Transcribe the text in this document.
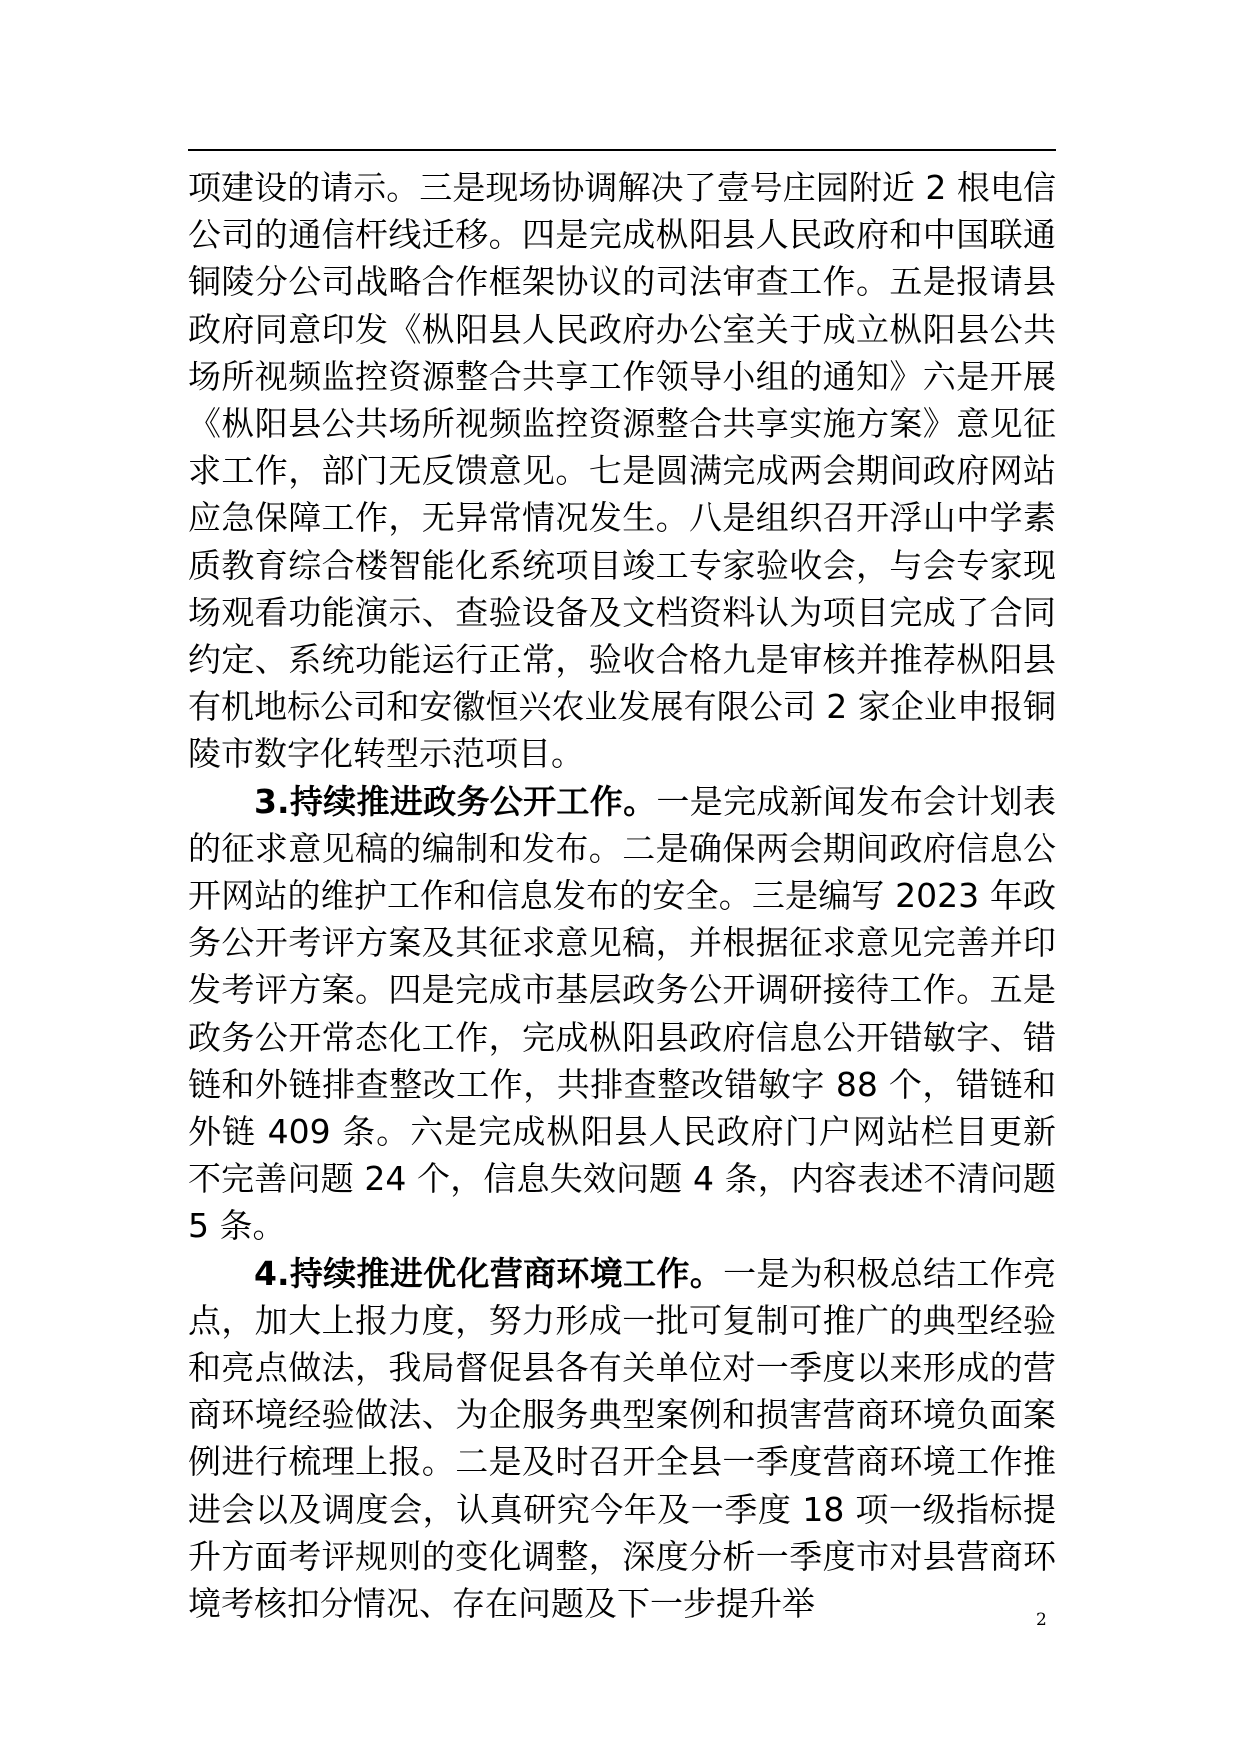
项建设的请示。三是现场协调解决了壹号庄园附近 2 根电信公司的通信杆线迁移。四是完成枞阳县人民政府和中国联通铜陵分公司战略合作框架协议的司法审查工作。五是报请县政府同意印发《枞阳县人民政府办公室关于成立枞阳县公共场所视频监控资源整合共享工作领导小组的通知》六是开展《枞阳县公共场所视频监控资源整合共享实施方案》意见征求工作，部门无反馈意见。七是圆满完成两会期间政府网站应急保障工作，无异常情况发生。八是组织召开浮山中学素质教育综合楼智能化系统项目竣工专家验收会，与会专家现场观看功能演示、查验设备及文档资料认为项目完成了合同约定、系统功能运行正常，验收合格九是审核并推荐枞阳县有机地标公司和安徽恒兴农业发展有限公司 2 家企业申报铜陵市数字化转型示范项目。

3.持续推进政务公开工作。一是完成新闻发布会计划表的征求意见稿的编制和发布。二是确保两会期间政府信息公开网站的维护工作和信息发布的安全。三是编写 2023 年政务公开考评方案及其征求意见稿，并根据征求意见完善并印发考评方案。四是完成市基层政务公开调研接待工作。五是政务公开常态化工作，完成枞阳县政府信息公开错敏字、错链和外链排查整改工作，共排查整改错敏字 88 个，错链和外链 409 条。六是完成枞阳县人民政府门户网站栏目更新不完善问题 24 个，信息失效问题 4 条，内容表述不清问题 5 条。

4.持续推进优化营商环境工作。一是为积极总结工作亮点，加大上报力度，努力形成一批可复制可推广的典型经验和亮点做法，我局督促县各有关单位对一季度以来形成的营商环境经验做法、为企服务典型案例和损害营商环境负面案例进行梳理上报。二是及时召开全县一季度营商环境工作推进会以及调度会，认真研究今年及一季度 18 项一级指标提升方面考评规则的变化调整，深度分析一季度市对县营商环境考核扣分情况、存在问题及下一步提升举	2
